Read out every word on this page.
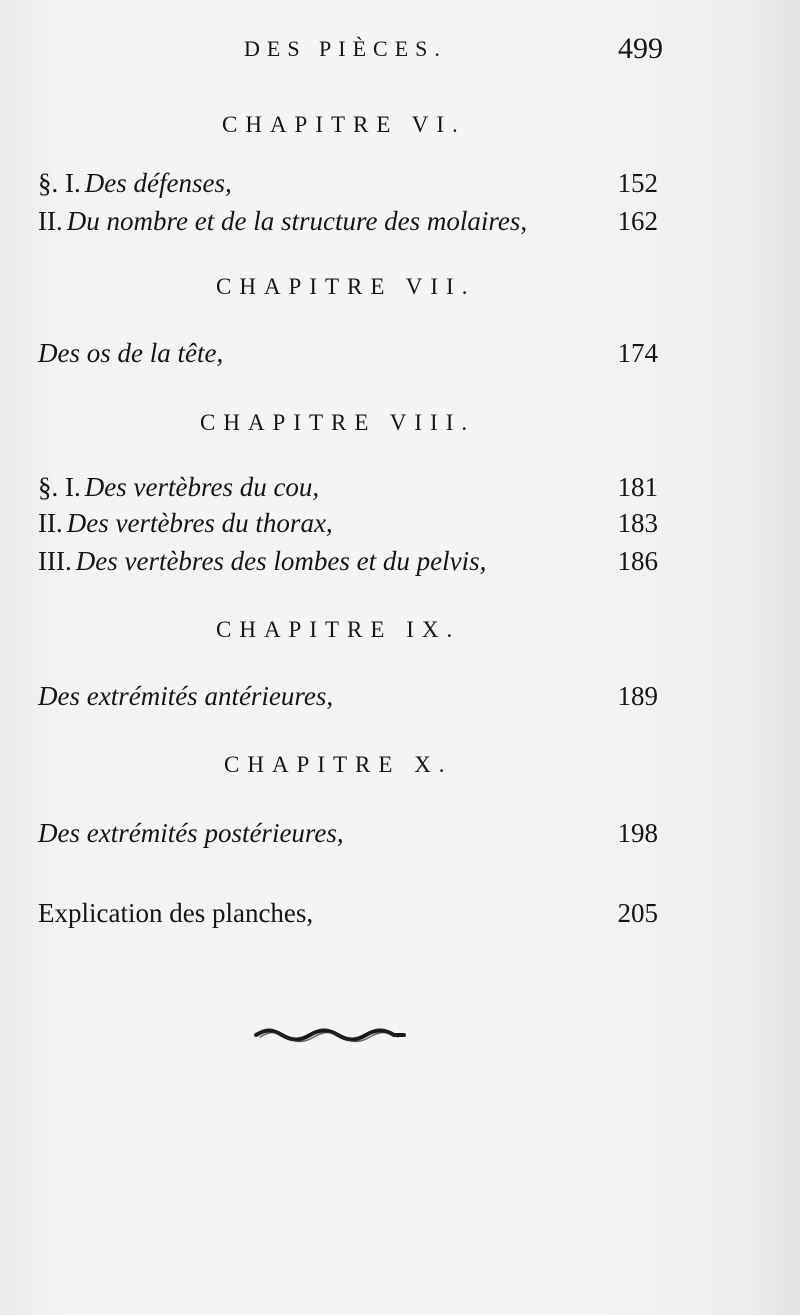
DES PIÈCES.	499
CHAPITRE VI.
§. I. Des défenses,	152
II. Du nombre et de la structure des molaires,	162
CHAPITRE VII.
Des os de la tête,	174
CHAPITRE VIII.
§. I. Des vertèbres du cou,	181
II. Des vertèbres du thorax,	183
III. Des vertèbres des lombes et du pelvis,	186
CHAPITRE IX.
Des extrémités antérieures,	189
CHAPITRE X.
Des extrémités postérieures,	198
Explication des planches,	205
